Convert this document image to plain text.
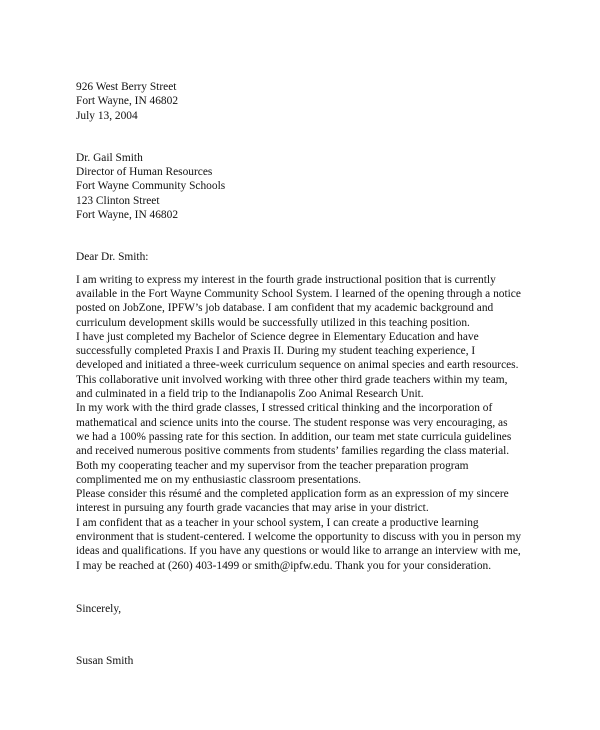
926 West Berry Street
Fort Wayne, IN 46802
July 13, 2004
Dr. Gail Smith
Director of Human Resources
Fort Wayne Community Schools
123 Clinton Street
Fort Wayne, IN 46802
Dear Dr. Smith:

I am writing to express my interest in the fourth grade instructional position that is currently
available in the Fort Wayne Community School System. I learned of the opening through a notice
posted on JobZone, IPFW’s job database. I am confident that my academic background and
curriculum development skills would be successfully utilized in this teaching position.

I have just completed my Bachelor of Science degree in Elementary Education and have
successfully completed Praxis I and Praxis II. During my student teaching experience, I
developed and initiated a three-week curriculum sequence on animal species and earth resources.
This collaborative unit involved working with three other third grade teachers within my team,
and culminated in a field trip to the Indianapolis Zoo Animal Research Unit.

In my work with the third grade classes, I stressed critical thinking and the incorporation of
mathematical and science units into the course. The student response was very encouraging, as
we had a 100% passing rate for this section. In addition, our team met state curricula guidelines
and received numerous positive comments from students’ families regarding the class material.
Both my cooperating teacher and my supervisor from the teacher preparation program
complimented me on my enthusiastic classroom presentations.

Please consider this résumé and the completed application form as an expression of my sincere
interest in pursuing any fourth grade vacancies that may arise in your district.

I am confident that as a teacher in your school system, I can create a productive learning
environment that is student-centered. I welcome the opportunity to discuss with you in person my
ideas and qualifications. If you have any questions or would like to arrange an interview with me,
I may be reached at (260) 403-1499 or smith@ipfw.edu. Thank you for your consideration.

Sincerely,
Susan Smith
